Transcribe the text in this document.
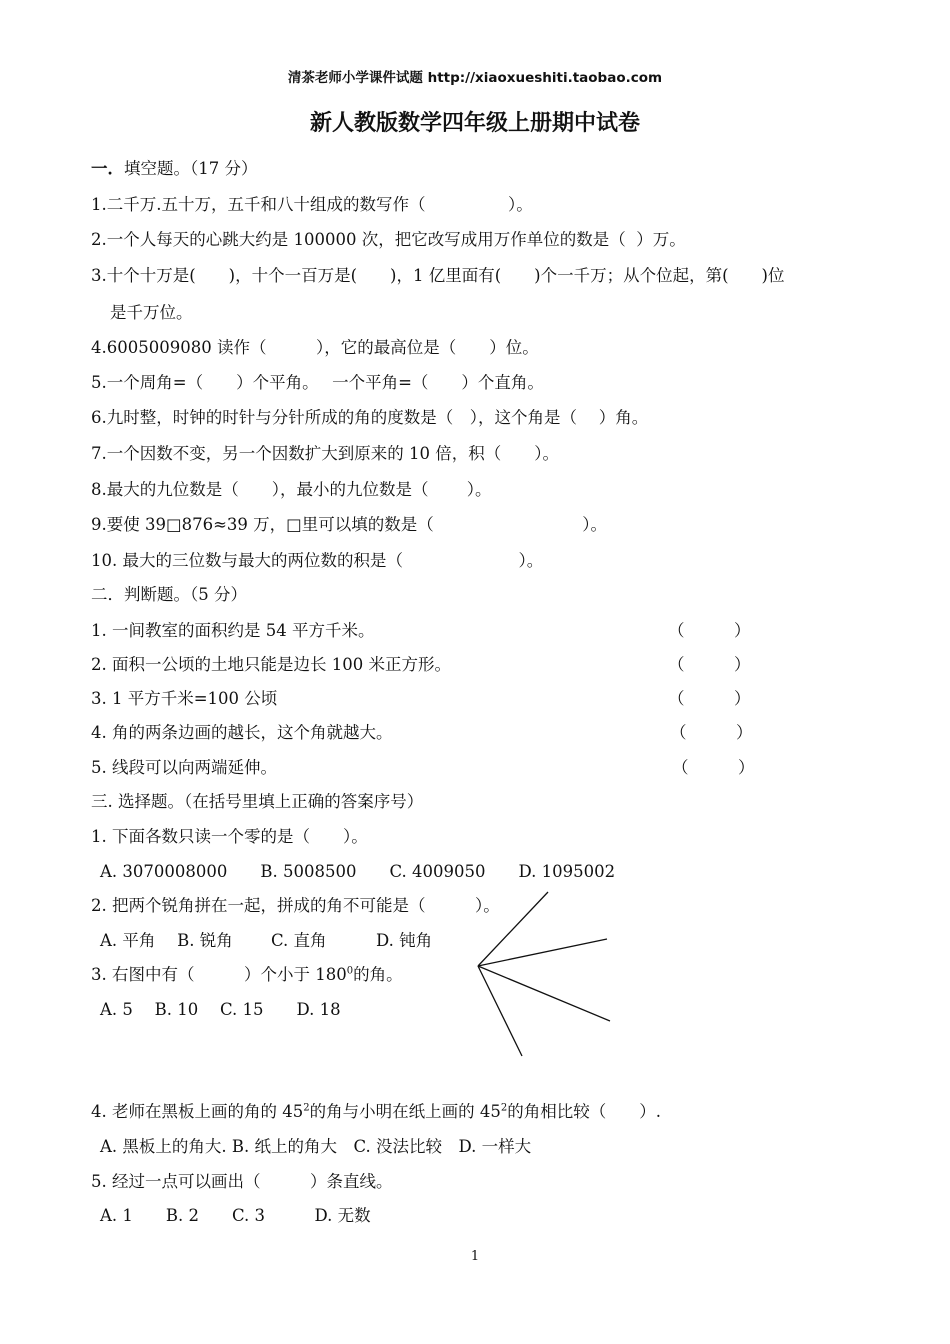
清茶老师小学课件试题 http://xiaoxueshiti.taobao.com
新人教版数学四年级上册期中试卷
一．填空题。（17 分）
1.二千万.五十万，五千和八十组成的数写作（　　　　　）。
2.一个人每天的心跳大约是 100000 次，把它改写成用万作单位的数是（  ）万。
3.十个十万是(　　)，十个一百万是(　　)，1 亿里面有(　　)个一千万；从个位起，第(　　)位
是千万位。
4.6005009080 读作（　　　），它的最高位是（　　）位。
5.一个周角=（　　）个平角。　 一个平角=（　　）个直角。
6.九时整，时钟的时针与分针所成的角的度数是（　），这个角是（　 ）角。
7.一个因数不变，另一个因数扩大到原来的 10 倍，积（　　）。
8.最大的九位数是（　　），最小的九位数是（　　 ）。
9.要使 39□876≈39 万，□里可以填的数是（　　　　　　　　　）。
10. 最大的三位数与最大的两位数的积是（　　　　　　　）。
二．判断题。（5 分）
1. 一间教室的面积约是 54 平方千米。	（　　　）
2. 面积一公顷的土地只能是边长 100 米正方形。	（　　　）
3. 1 平方千米=100 公顷	（　　　）
4. 角的两条边画的越长，这个角就越大。	（　　　）
5. 线段可以向两端延伸。	（　　　）
三. 选择题。（在括号里填上正确的答案序号）
1. 下面各数只读一个零的是（　　）。
A. 3070008000　　B. 5008500　　C. 4009050　　D. 1095002
2. 把两个锐角拼在一起，拼成的角不可能是（　　　）。
A. 平角　 B. 锐角　　 C. 直角　　　D. 钝角
3. 右图中有（　　　）个小于 $180^0$的角。
A. 5　 B. 10　 C. 15　　D. 18
4. 老师在黑板上画的角的 $45^2$的角与小明在纸上画的 $45^2$的角相比较（　　）.
A. 黑板上的角大. B. 纸上的角大　C. 没法比较　D. 一样大
5. 经过一点可以画出（　　　）条直线。
A. 1　　B. 2　　C. 3　　　D. 无数
1
